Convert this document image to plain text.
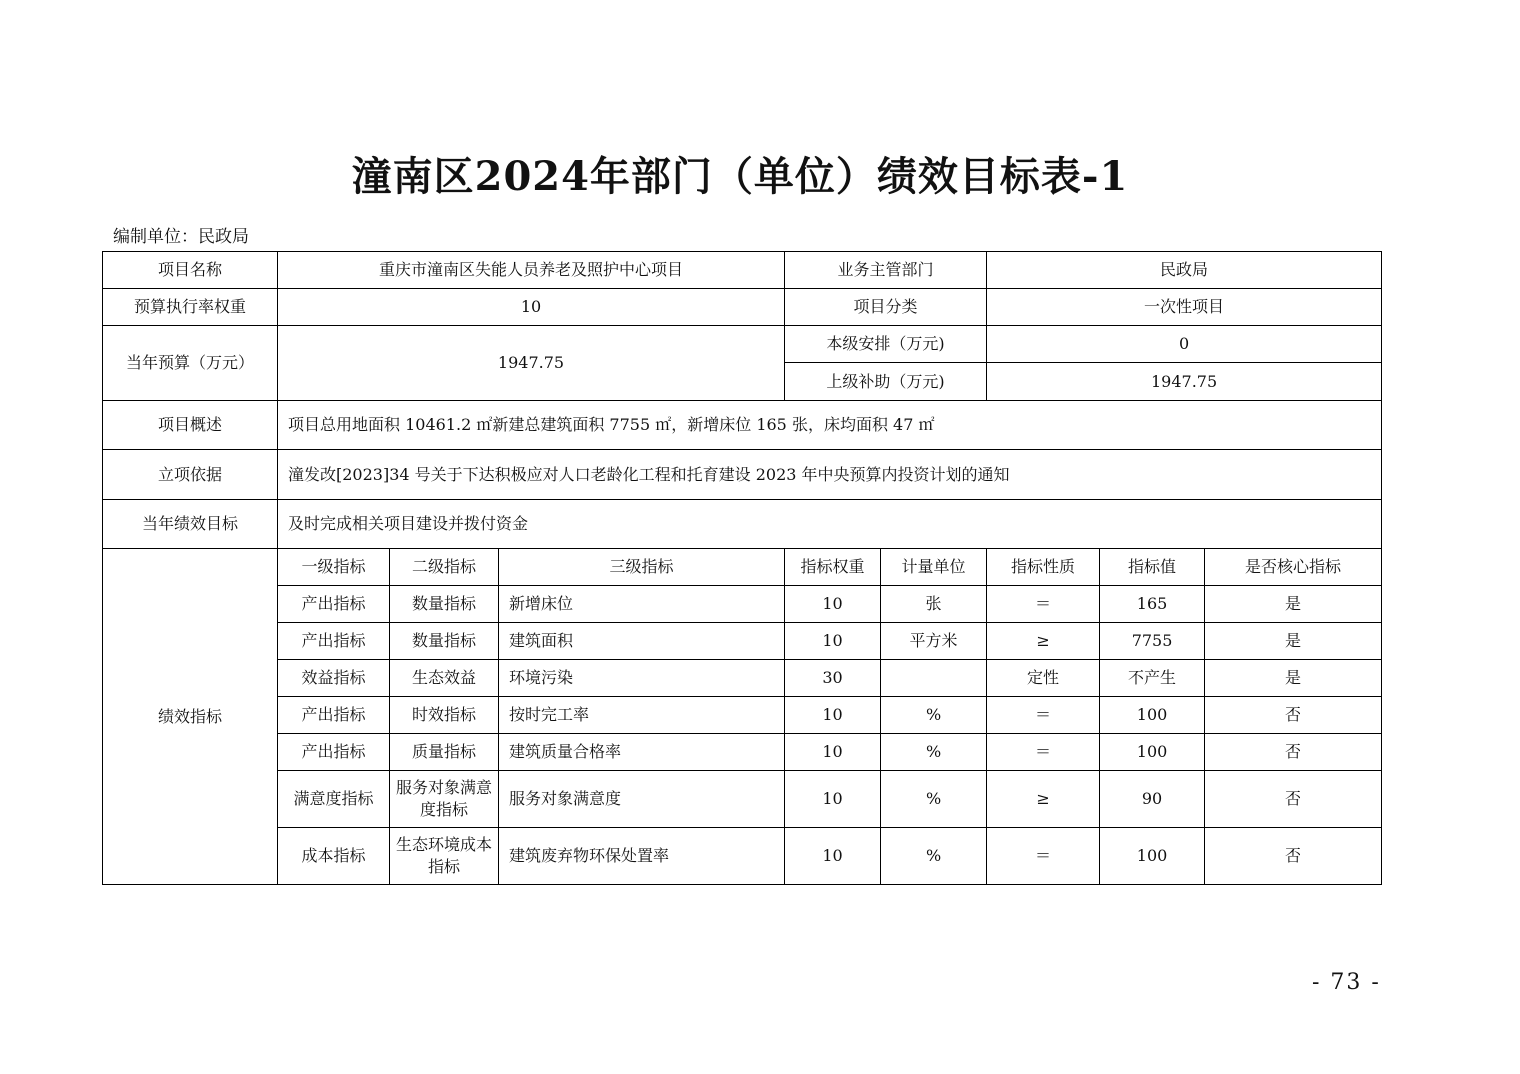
潼南区2024年部门（单位）绩效目标表-1
编制单位：民政局
项目名称	重庆市潼南区失能人员养老及照护中心项目			业务主管部门		民政局		
预算执行率权重	10			项目分类		一次性项目		
当年预算（万元）	1947.75			本级安排（万元)		0		
				上级补助（万元)		1947.75		
项目概述	项目总用地面积 10461.2 ㎡新建总建筑面积 7755 ㎡，新增床位 165 张，床均面积 47 ㎡							
立项依据	潼发改[2023]34 号关于下达积极应对人口老龄化工程和托育建设 2023 年中央预算内投资计划的通知							
当年绩效目标	及时完成相关项目建设并拨付资金							
绩效指标	一级指标	二级指标	三级指标	指标权重	计量单位	指标性质	指标值	是否核心指标
	产出指标	数量指标	新增床位	10	张	＝	165	是
	产出指标	数量指标	建筑面积	10	平方米	≥	7755	是
	效益指标	生态效益	环境污染	30		定性	不产生	是
	产出指标	时效指标	按时完工率	10	%	＝	100	否
	产出指标	质量指标	建筑质量合格率	10	%	＝	100	否
	满意度指标	服务对象满意度指标	服务对象满意度	10	%	≥	90	否
	成本指标	生态环境成本指标	建筑废弃物环保处置率	10	%	＝	100	否
- 73 -
